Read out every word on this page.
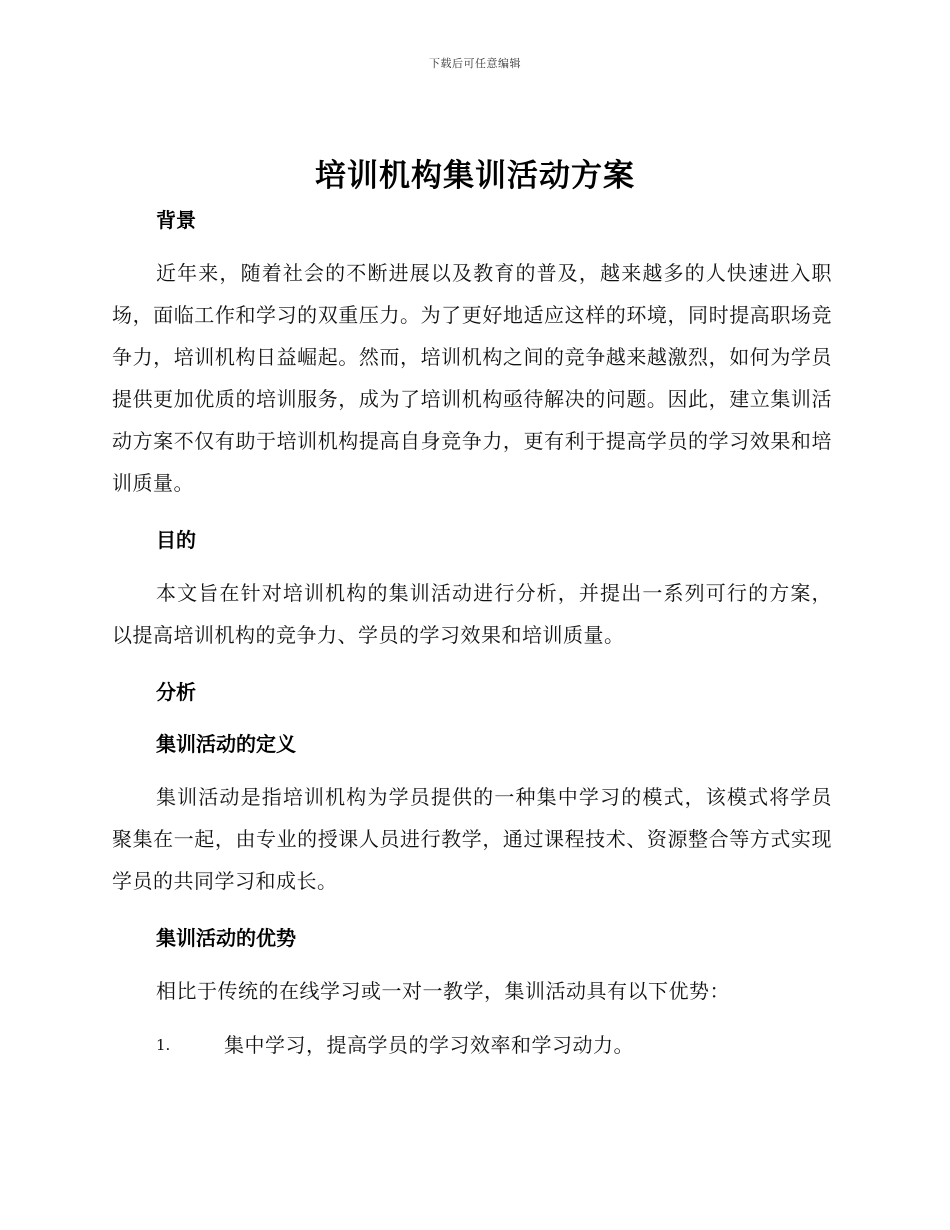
下载后可任意编辑
培训机构集训活动方案
背景

近年来，随着社会的不断进展以及教育的普及，越来越多的人快速进入职场，面临工作和学习的双重压力。为了更好地适应这样的环境，同时提高职场竞争力，培训机构日益崛起。然而，培训机构之间的竞争越来越激烈，如何为学员提供更加优质的培训服务，成为了培训机构亟待解决的问题。因此，建立集训活动方案不仅有助于培训机构提高自身竞争力，更有利于提高学员的学习效果和培训质量。

目的

本文旨在针对培训机构的集训活动进行分析，并提出一系列可行的方案，以提高培训机构的竞争力、学员的学习效果和培训质量。

分析
集训活动的定义

集训活动是指培训机构为学员提供的一种集中学习的模式，该模式将学员聚集在一起，由专业的授课人员进行教学，通过课程技术、资源整合等方式实现学员的共同学习和成长。

集训活动的优势

相比于传统的在线学习或一对一教学，集训活动具有以下优势：

1.	集中学习，提高学员的学习效率和学习动力。
